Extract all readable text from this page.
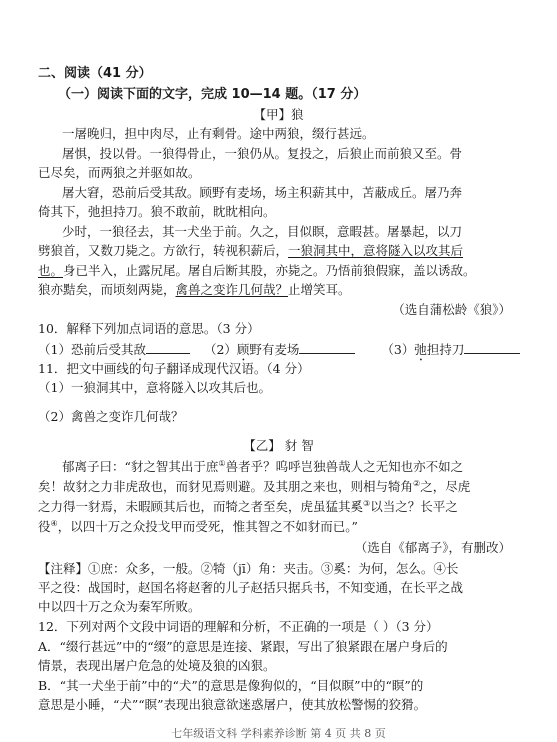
二、阅读（41 分）
（一）阅读下面的文字，完成 10—14 题。（17 分）
【甲】狼
一屠晚归，担中肉尽，止有剩骨。途中两狼，缀行甚远。
屠惧，投以骨。一狼得骨止，一狼仍从。复投之，后狼止而前狼又至。骨
已尽矣，而两狼之并驱如故。
屠大窘，恐前后受其敌。顾野有麦场，场主积薪其中，苫蔽成丘。屠乃奔
倚其下，弛担持刀。狼不敢前，眈眈相向。
少时，一狼径去，其一犬坐于前。久之，目似瞑，意暇甚。屠暴起，以刀
劈狼首，又数刀毙之。方欲行，转视积薪后，一狼洞其中，意将隧入以攻其后
也。身已半入，止露尻尾。屠自后断其股，亦毙之。乃悟前狼假寐，盖以诱敌。
狼亦黠矣，而顷刻两毙，禽兽之变诈几何哉？止增笑耳。
（选自蒲松龄《狼》）
10．解释下列加点词语的意思。（3 分）
（1）恐前后受其敌	（2）顾野有麦场	（3）弛担持刀
11．把文中画线的句子翻译成现代汉语。（4 分）
（1）一狼洞其中，意将隧入以攻其后也。
（2）禽兽之变诈几何哉？
【乙】 豺 智
郁离子曰：“豺之智其出于庶①兽者乎？呜呼岂独兽哉人之无知也亦不如之
矣！故豺之力非虎敌也，而豺见焉则避。及其朋之来也，则相与犄角②之，尽虎
之力得一豺焉，未暇顾其后也，而犄之者至矣，虎虽猛其奚③以当之？长平之
役④，以四十万之众投戈甲而受死，惟其智之不如豺而已。”
（选自《郁离子》，有删改）
【注释】①庶：众多，一般。②犄（jī）角：夹击。③奚：为何，怎么。④长
平之役：战国时，赵国名将赵奢的儿子赵括只据兵书，不知变通，在长平之战
中以四十万之众为秦军所败。
12．下列对两个文段中词语的理解和分析，不正确的一项是（ ）（3 分）
A．“缀行甚远”中的“缀”的意思是连接、紧跟，写出了狼紧跟在屠户身后的
情景，表现出屠户危急的处境及狼的凶狠。
B．“其一犬坐于前”中的“犬”的意思是像狗似的，“目似瞑”中的“瞑”的
意思是小睡，“犬”“瞑”表现出狼意欲迷惑屠户，使其放松警惕的狡猾。
七年级语文科 学科素养诊断 第 4 页 共 8 页
